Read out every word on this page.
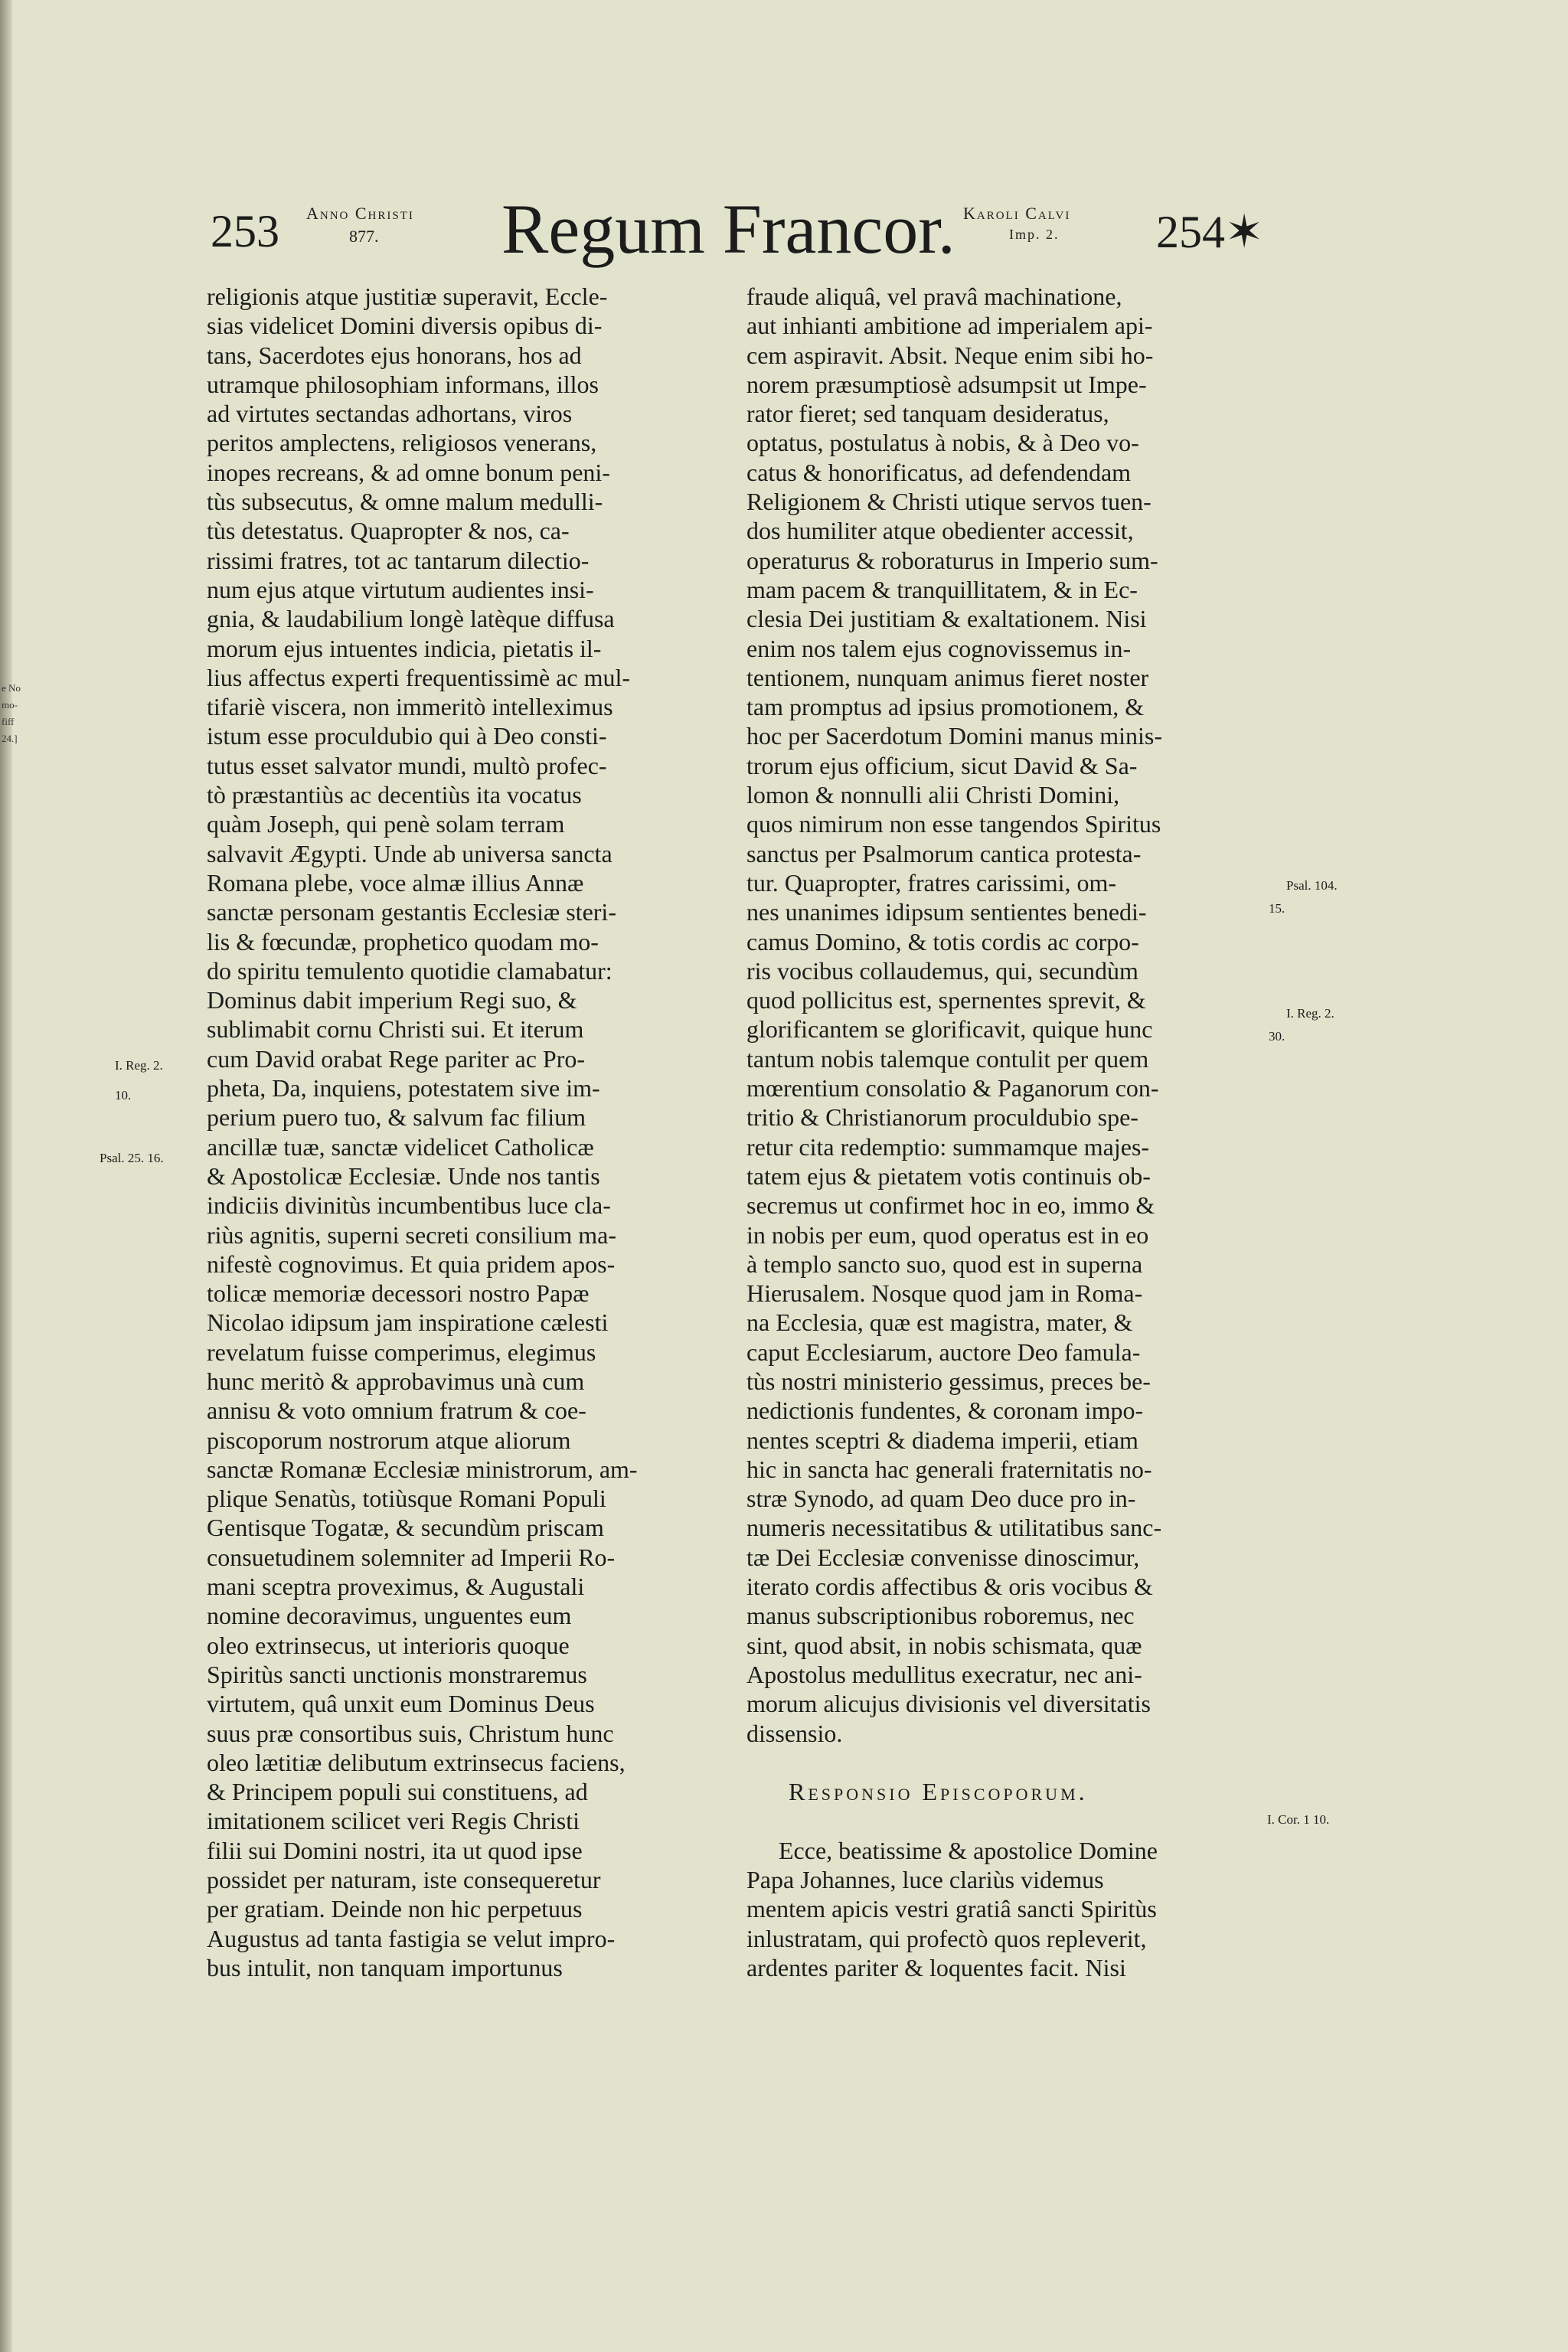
e No
mo-
fiff
24.]
253 Anno Christi
877. Regum Francor. Karoli Calvi
Imp. 2. 254✶
religionis atque justitiæ superavit, Eccle-
sias videlicet Domini diversis opibus di-
tans, Sacerdotes ejus honorans, hos ad
utramque philosophiam informans, illos
ad virtutes sectandas adhortans, viros
peritos amplectens, religiosos venerans,
inopes recreans, & ad omne bonum peni-
tùs subsecutus, & omne malum medulli-
tùs detestatus. Quapropter & nos, ca-
rissimi fratres, tot ac tantarum dilectio-
num ejus atque virtutum audientes insi-
gnia, & laudabilium longè latèque diffusa
morum ejus intuentes indicia, pietatis il-
lius affectus experti frequentissimè ac mul-
tifariè viscera, non immeritò intelleximus
istum esse proculdubio qui à Deo consti-
tutus esset salvator mundi, multò profec-
tò præstantiùs ac decentiùs ita vocatus
quàm Joseph, qui penè solam terram
salvavit Ægypti. Unde ab universa sancta
Romana plebe, voce almæ illius Annæ
sanctæ personam gestantis Ecclesiæ steri-
lis & fœcundæ, prophetico quodam mo-
do spiritu temulento quotidie clamabatur:
Dominus dabit imperium Regi suo, &
sublimabit cornu Christi sui. Et iterum
cum David orabat Rege pariter ac Pro-
pheta, Da, inquiens, potestatem sive im-
perium puero tuo, & salvum fac filium
ancillæ tuæ, sanctæ videlicet Catholicæ
& Apostolicæ Ecclesiæ. Unde nos tantis
indiciis divinitùs incumbentibus luce cla-
riùs agnitis, superni secreti consilium ma-
nifestè cognovimus. Et quia pridem apos-
tolicæ memoriæ decessori nostro Papæ
Nicolao idipsum jam inspiratione cælesti
revelatum fuisse comperimus, elegimus
hunc meritò & approbavimus unà cum
annisu & voto omnium fratrum & coe-
piscoporum nostrorum atque aliorum
sanctæ Romanæ Ecclesiæ ministrorum, am-
plique Senatùs, totiùsque Romani Populi
Gentisque Togatæ, & secundùm priscam
consuetudinem solemniter ad Imperii Ro-
mani sceptra proveximus, & Augustali
nomine decoravimus, unguentes eum
oleo extrinsecus, ut interioris quoque
Spiritùs sancti unctionis monstraremus
virtutem, quâ unxit eum Dominus Deus
suus præ consortibus suis, Christum hunc
oleo lætitiæ delibutum extrinsecus faciens,
& Principem populi sui constituens, ad
imitationem scilicet veri Regis Christi
filii sui Domini nostri, ita ut quod ipse
possidet per naturam, iste consequeretur
per gratiam. Deinde non hic perpetuus
Augustus ad tanta fastigia se velut impro-
bus intulit, non tanquam importunus
fraude aliquâ, vel pravâ machinatione,
aut inhianti ambitione ad imperialem api-
cem aspiravit. Absit. Neque enim sibi ho-
norem præsumptiosè adsumpsit ut Impe-
rator fieret; sed tanquam desideratus,
optatus, postulatus à nobis, & à Deo vo-
catus & honorificatus, ad defendendam
Religionem & Christi utique servos tuen-
dos humiliter atque obedienter accessit,
operaturus & roboraturus in Imperio sum-
mam pacem & tranquillitatem, & in Ec-
clesia Dei justitiam & exaltationem. Nisi
enim nos talem ejus cognovissemus in-
tentionem, nunquam animus fieret noster
tam promptus ad ipsius promotionem, &
hoc per Sacerdotum Domini manus minis-
trorum ejus officium, sicut David & Sa-
lomon & nonnulli alii Christi Domini,
quos nimirum non esse tangendos Spiritus
sanctus per Psalmorum cantica protesta-
tur. Quapropter, fratres carissimi, om-
nes unanimes idipsum sentientes benedi-
camus Domino, & totis cordis ac corpo-
ris vocibus collaudemus, qui, secundùm
quod pollicitus est, spernentes sprevit, &
glorificantem se glorificavit, quique hunc
tantum nobis talemque contulit per quem
mœrentium consolatio & Paganorum con-
tritio & Christianorum proculdubio spe-
retur cita redemptio: summamque majes-
tatem ejus & pietatem votis continuis ob-
secremus ut confirmet hoc in eo, immo &
in nobis per eum, quod operatus est in eo
à templo sancto suo, quod est in superna
Hierusalem. Nosque quod jam in Roma-
na Ecclesia, quæ est magistra, mater, &
caput Ecclesiarum, auctore Deo famula-
tùs nostri ministerio gessimus, preces be-
nedictionis fundentes, & coronam impo-
nentes sceptri & diadema imperii, etiam
hic in sancta hac generali fraternitatis no-
stræ Synodo, ad quam Deo duce pro in-
numeris necessitatibus & utilitatibus sanc-
tæ Dei Ecclesiæ convenisse dinoscimur,
iterato cordis affectibus & oris vocibus &
manus subscriptionibus roboremus, nec
sint, quod absit, in nobis schismata, quæ
Apostolus medullitus execratur, nec ani-
morum alicujus divisionis vel diversitatis
dissensio.
Responsio Episcoporum.
Ecce, beatissime & apostolice Domine
Papa Johannes, luce clariùs videmus
mentem apicis vestri gratiâ sancti Spiritùs
inlustratam, qui profectò quos repleverit,
ardentes pariter & loquentes facit. Nisi
I. Reg. 2.
10.
Psal. 25. 16.
Psal. 104.
15.
I. Reg. 2.
30.
I. Cor. 1 10.
